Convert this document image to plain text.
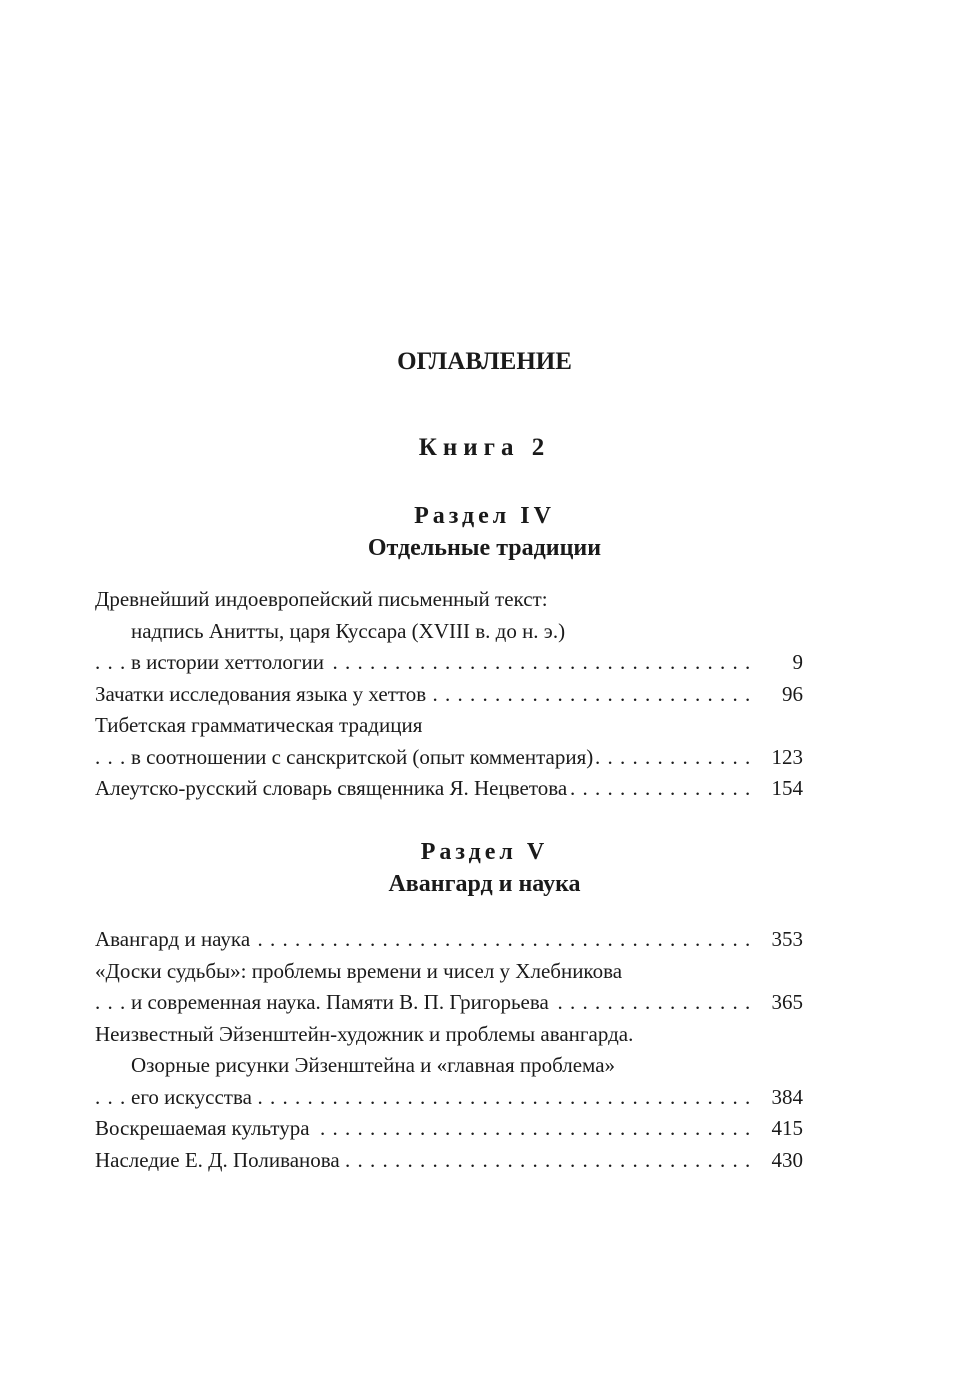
ОГЛАВЛЕНИЕ
Книга 2
Раздел IV
Отдельные традиции
Древнейший индоевропейский письменный текст:
надпись Анитты, царя Куссара (XVIII в. до н. э.)
в истории хеттологии	9
. . .
Зачатки исследования языка у хеттов	96
. . .
Тибетская грамматическая традиция
в соотношении с санскритской (опыт комментария)	123
. . .
Алеутско-русский словарь священника Я. Нецветова	154
. . .
Раздел V
Авангард и наука
Авангард и наука	353
. . .
«Доски судьбы»: проблемы времени и чисел у Хлебникова
и современная наука. Памяти В. П. Григорьева	365
. . .
Неизвестный Эйзенштейн-художник и проблемы авангарда.
Озорные рисунки Эйзенштейна и «главная проблема»
его искусства	384
. . .
Воскрешаемая культура	415
. . .
Наследие Е. Д. Поливанова	430
. . .
